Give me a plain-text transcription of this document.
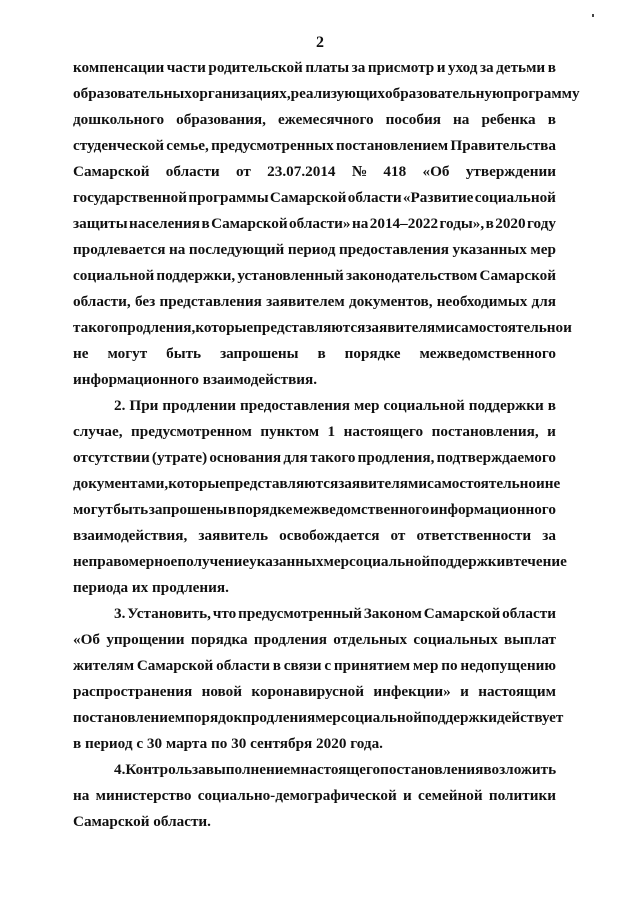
2
компенсации части родительской платы за присмотр и уход за детьми в
образовательных организациях, реализующих образовательную программу
дошкольного образования, ежемесячного пособия на ребенка в
студенческой семье, предусмотренных постановлением Правительства
Самарской области от 23.07.2014 № 418 «Об утверждении
государственной программы Самарской области «Развитие социальной
защиты населения в Самарской области» на 2014–2022 годы», в 2020 году
продлевается на последующий период предоставления указанных мер
социальной поддержки, установленный законодательством Самарской
области, без представления заявителем документов, необходимых для
такого продления, которые представляются заявителями самостоятельно и
не могут быть запрошены в порядке межведомственного
информационного взаимодействия.
2. При продлении предоставления мер социальной поддержки в
случае, предусмотренном пунктом 1 настоящего постановления, и
отсутствии (утрате) основания для такого продления, подтверждаемого
документами, которые представляются заявителями самостоятельно и не
могут быть запрошены в порядке межведомственного информационного
взаимодействия, заявитель освобождается от ответственности за
неправомерное получение указанных мер социальной поддержки в течение
периода их продления.
3. Установить, что предусмотренный Законом Самарской области
«Об упрощении порядка продления отдельных социальных выплат
жителям Самарской области в связи с принятием мер по недопущению
распространения новой коронавирусной инфекции» и настоящим
постановлением порядок продления мер социальной поддержки действует
в период с 30 марта по 30 сентября 2020 года.
4. Контроль за выполнением настоящего постановления возложить
на министерство социально-демографической и семейной политики
Самарской области.
